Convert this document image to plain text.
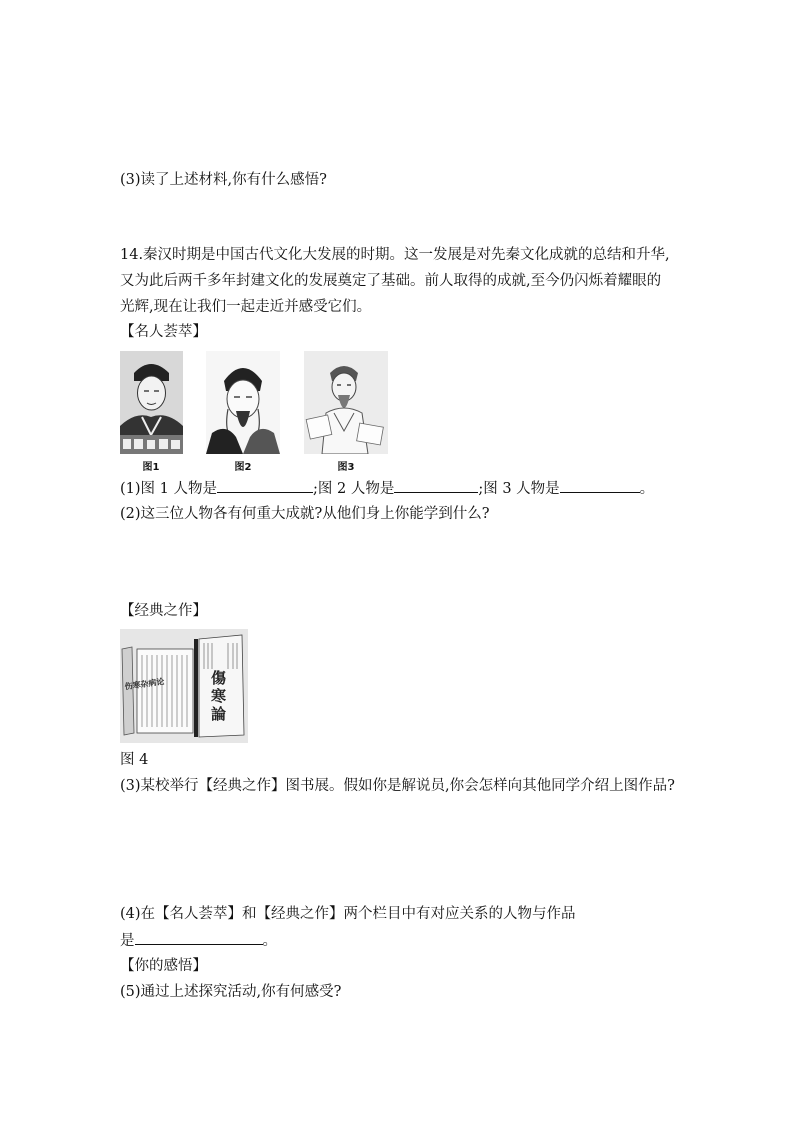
(3)读了上述材料,你有什么感悟?
14.秦汉时期是中国古代文化大发展的时期。这一发展是对先秦文化成就的总结和升华,又为此后两千多年封建文化的发展奠定了基础。前人取得的成就,至今仍闪烁着耀眼的光辉,现在让我们一起走近并感受它们。
【名人荟萃】
图1	图2	图3
(1)图 1 人物是	;图 2 人物是	;图 3 人物是	。
(2)这三位人物各有何重大成就?从他们身上你能学到什么?
【经典之作】
伤寒杂病论	傷寒論
图 4
(3)某校举行【经典之作】图书展。假如你是解说员,你会怎样向其他同学介绍上图作品?
(4)在【名人荟萃】和【经典之作】两个栏目中有对应关系的人物与作品
是	。
【你的感悟】
(5)通过上述探究活动,你有何感受?
